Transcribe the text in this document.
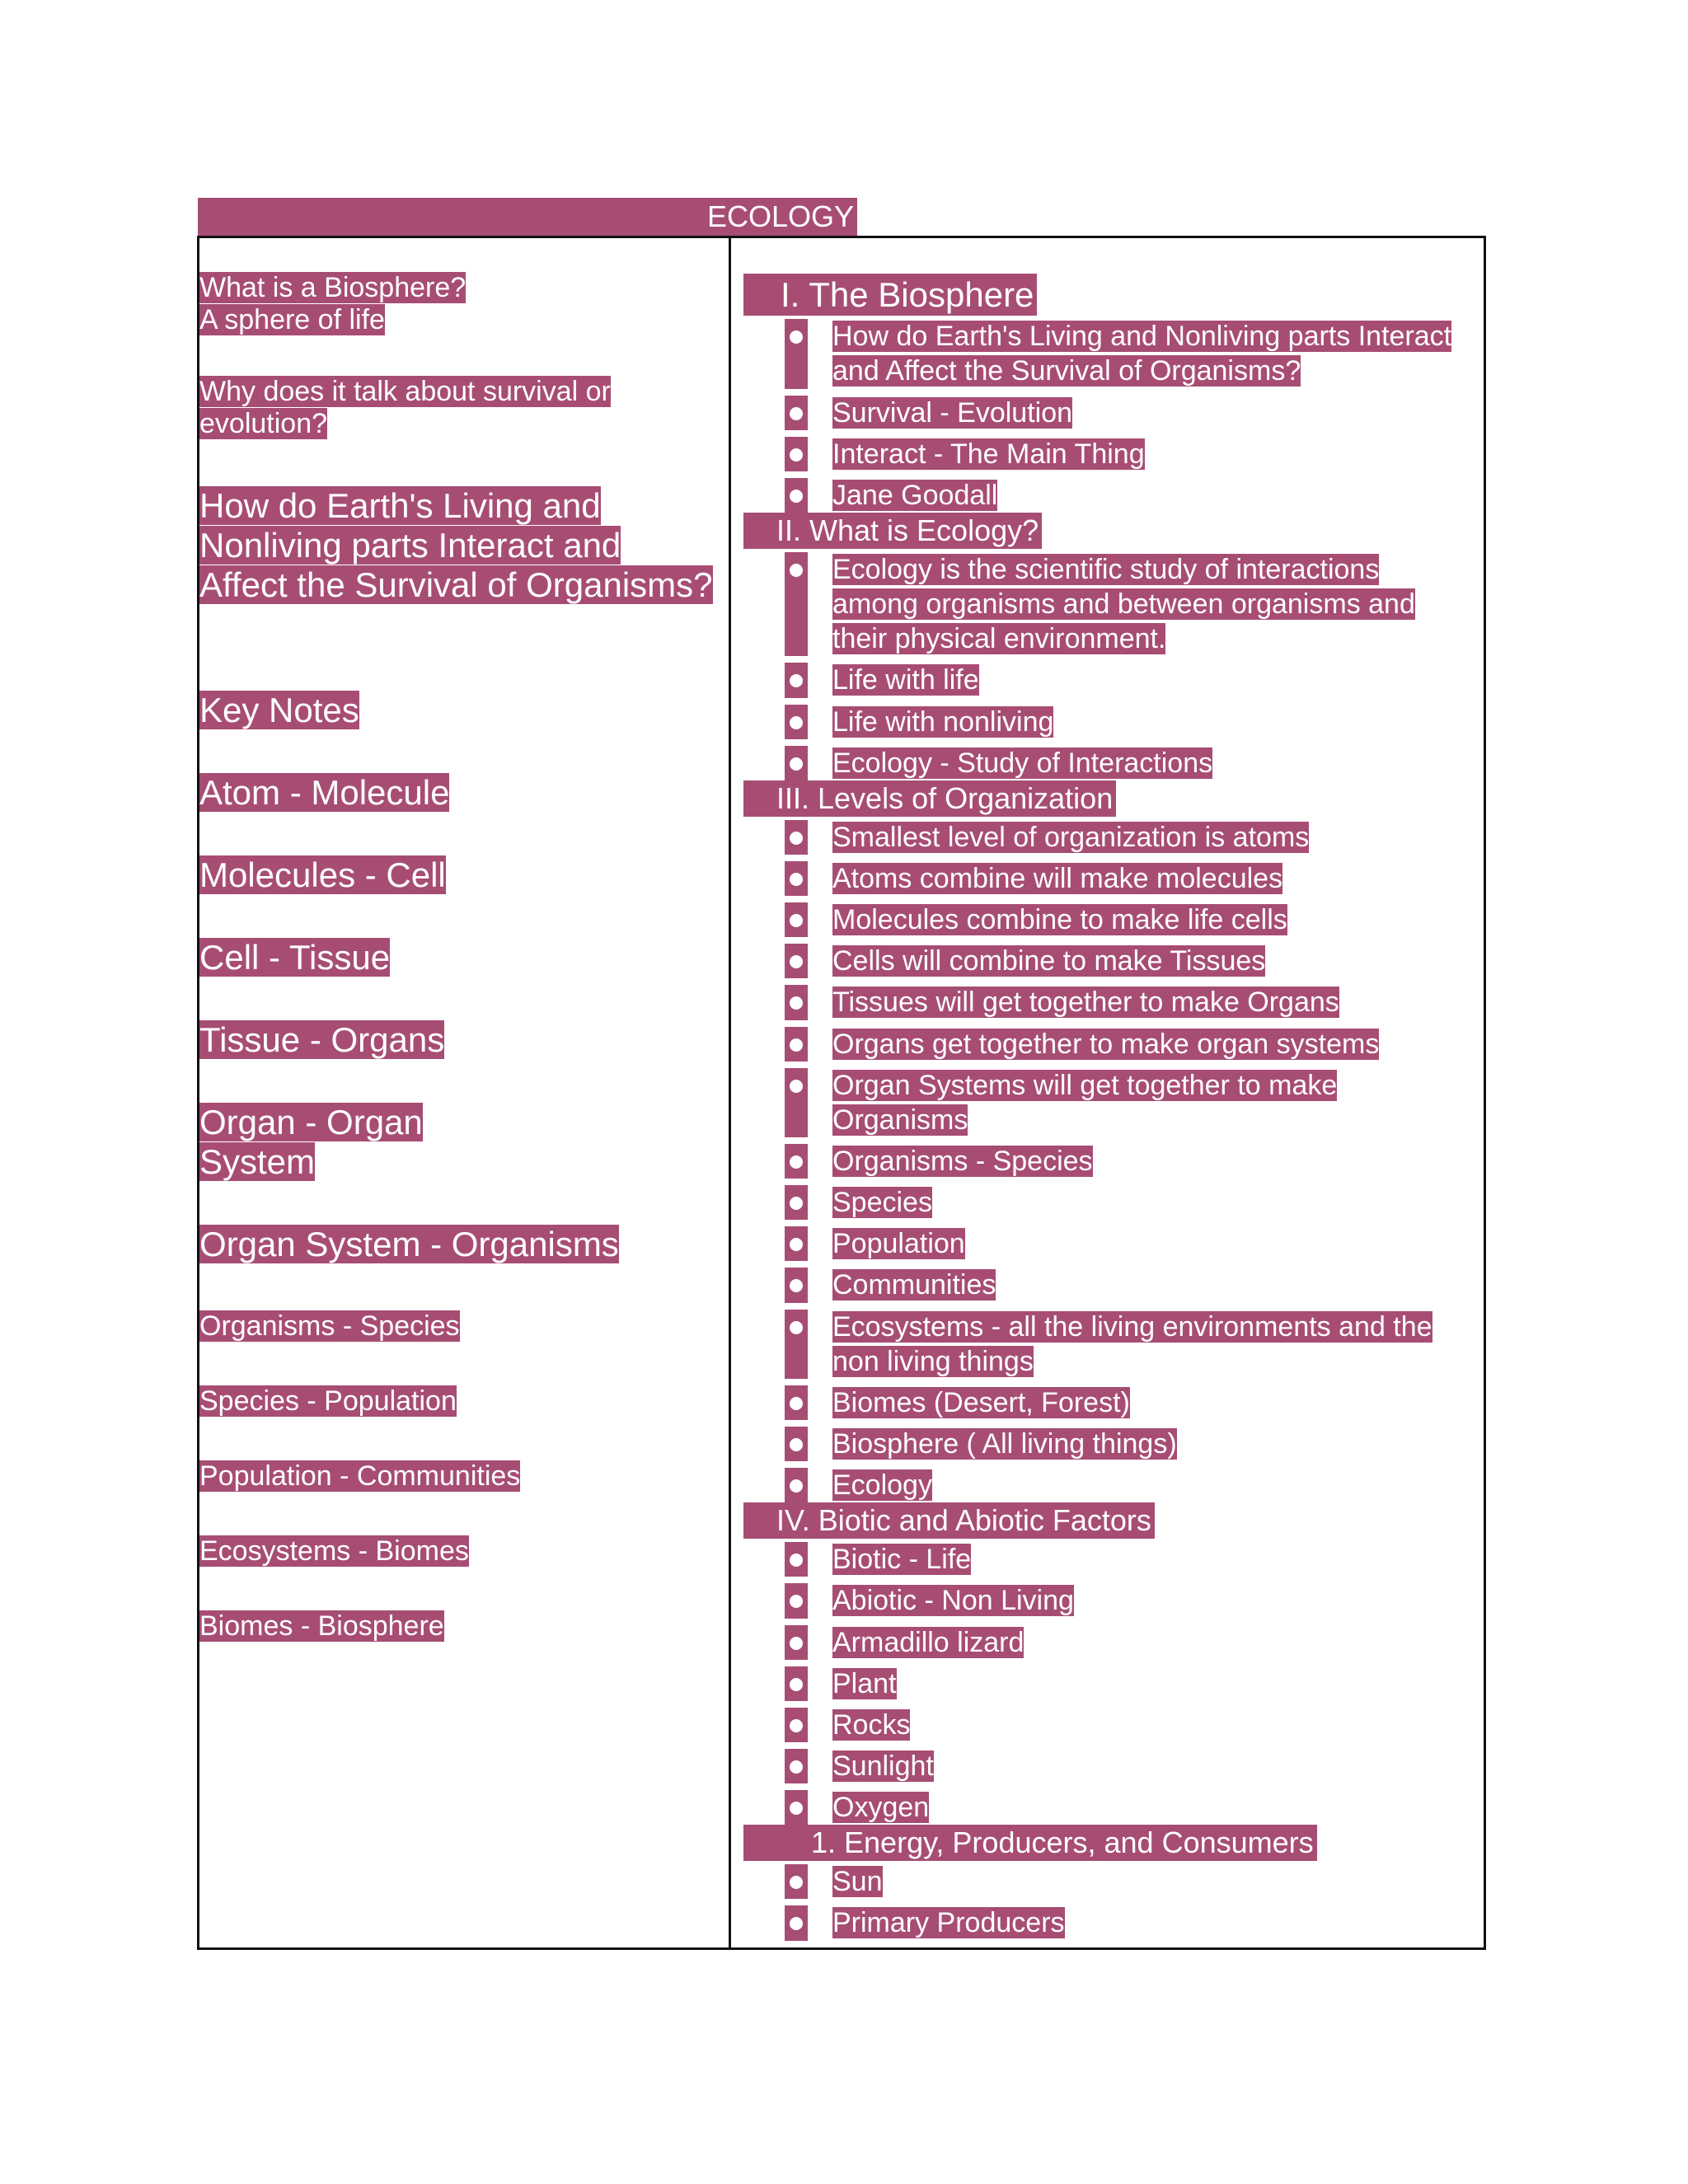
ECOLOGY

What is a Biosphere?
A sphere of life

Why does it talk about survival or
evolution?

How do Earth's Living and
Nonliving parts Interact and
Affect the Survival of Organisms?

Key Notes

Atom - Molecule

Molecules - Cell

Cell - Tissue

Tissue - Organs

Organ - Organ
System

Organ System - Organisms

Organisms - Species

Species - Population

Population - Communities

Ecosystems - Biomes

Biomes - Biosphere

I. The Biosphere
How do Earth's Living and Nonliving parts Interact and Affect the Survival of Organisms?
Survival - Evolution
Interact - The Main Thing
Jane Goodall
II. What is Ecology?
Ecology is the scientific study of interactions among organisms and between organisms and their physical environment.
Life with life
Life with nonliving
Ecology - Study of Interactions
III. Levels of Organization
Smallest level of organization is atoms
Atoms combine will make molecules
Molecules combine to make life cells
Cells will combine to make Tissues
Tissues will get together to make Organs
Organs get together to make organ systems
Organ Systems will get together to make Organisms
Organisms - Species
Species
Population
Communities
Ecosystems - all the living environments and the non living things
Biomes (Desert, Forest)
Biosphere ( All living things)
Ecology
IV. Biotic and Abiotic Factors
Biotic - Life
Abiotic - Non Living
Armadillo lizard
Plant
Rocks
Sunlight
Oxygen
1. Energy, Producers, and Consumers
Sun
Primary Producers
